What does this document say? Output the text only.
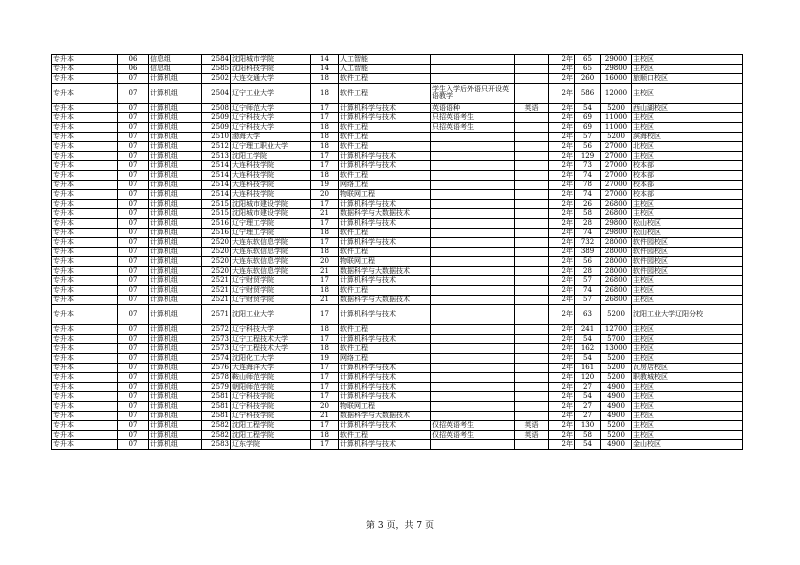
专升本	06	信息组	2584	沈阳城市学院	14	人工智能			2年	65	29000	主校区
专升本	06	信息组	2585	沈阳科技学院	14	人工智能			2年	65	29800	主校区
专升本	07	计算机组	2502	大连交通大学	18	软件工程			2年	260	16000	旅顺口校区
专升本	07	计算机组	2504	辽宁工业大学	18	软件工程	学生入学后外语只开设英语教学		2年	586	12000	主校区
专升本	07	计算机组	2508	辽宁师范大学	17	计算机科学与技术	英语语种	英语	2年	54	5200	西山湖校区
专升本	07	计算机组	2509	辽宁科技大学	17	计算机科学与技术	只招英语考生		2年	69	11000	主校区
专升本	07	计算机组	2509	辽宁科技大学	18	软件工程	只招英语考生		2年	69	11000	主校区
专升本	07	计算机组	2510	渤海大学	18	软件工程			2年	57	5200	滨海校区
专升本	07	计算机组	2512	辽宁理工职业大学	18	软件工程			2年	56	27000	北校区
专升本	07	计算机组	2513	沈阳工学院	17	计算机科学与技术			2年	129	27000	主校区
专升本	07	计算机组	2514	大连科技学院	17	计算机科学与技术			2年	73	27000	校本部
专升本	07	计算机组	2514	大连科技学院	18	软件工程			2年	74	27000	校本部
专升本	07	计算机组	2514	大连科技学院	19	网络工程			2年	78	27000	校本部
专升本	07	计算机组	2514	大连科技学院	20	物联网工程			2年	74	27000	校本部
专升本	07	计算机组	2515	沈阳城市建设学院	17	计算机科学与技术			2年	26	26800	主校区
专升本	07	计算机组	2515	沈阳城市建设学院	21	数据科学与大数据技术			2年	58	26800	主校区
专升本	07	计算机组	2516	辽宁理工学院	17	计算机科学与技术			2年	28	29800	松山校区
专升本	07	计算机组	2516	辽宁理工学院	18	软件工程			2年	74	29800	松山校区
专升本	07	计算机组	2520	大连东软信息学院	17	计算机科学与技术			2年	732	28000	软件园校区
专升本	07	计算机组	2520	大连东软信息学院	18	软件工程			2年	389	28000	软件园校区
专升本	07	计算机组	2520	大连东软信息学院	20	物联网工程			2年	56	28000	软件园校区
专升本	07	计算机组	2520	大连东软信息学院	21	数据科学与大数据技术			2年	28	28000	软件园校区
专升本	07	计算机组	2521	辽宁财贸学院	17	计算机科学与技术			2年	57	26800	主校区
专升本	07	计算机组	2521	辽宁财贸学院	18	软件工程			2年	74	26800	主校区
专升本	07	计算机组	2521	辽宁财贸学院	21	数据科学与大数据技术			2年	57	26800	主校区
专升本	07	计算机组	2571	沈阳工业大学	17	计算机科学与技术			2年	63	5200	沈阳工业大学辽阳分校
专升本	07	计算机组	2572	辽宁科技大学	18	软件工程			2年	241	12700	主校区
专升本	07	计算机组	2573	辽宁工程技术大学	17	计算机科学与技术			2年	54	5700	主校区
专升本	07	计算机组	2573	辽宁工程技术大学	18	软件工程			2年	162	13000	主校区
专升本	07	计算机组	2574	沈阳化工大学	19	网络工程			2年	54	5200	主校区
专升本	07	计算机组	2576	大连海洋大学	17	计算机科学与技术			2年	161	5200	瓦房店校区
专升本	07	计算机组	2578	鞍山师范学院	17	计算机科学与技术			2年	120	5200	职教城校区
专升本	07	计算机组	2579	朝阳师范学院	17	计算机科学与技术			2年	27	4900	主校区
专升本	07	计算机组	2581	辽宁科技学院	17	计算机科学与技术			2年	54	4900	主校区
专升本	07	计算机组	2581	辽宁科技学院	20	物联网工程			2年	27	4900	主校区
专升本	07	计算机组	2581	辽宁科技学院	21	数据科学与大数据技术			2年	27	4900	主校区
专升本	07	计算机组	2582	沈阳工程学院	17	计算机科学与技术	仅招英语考生	英语	2年	130	5200	主校区
专升本	07	计算机组	2582	沈阳工程学院	18	软件工程	仅招英语考生	英语	2年	58	5200	主校区
专升本	07	计算机组	2583	辽东学院	17	计算机科学与技术			2年	54	4900	金山校区
第 3 页，共 7 页
